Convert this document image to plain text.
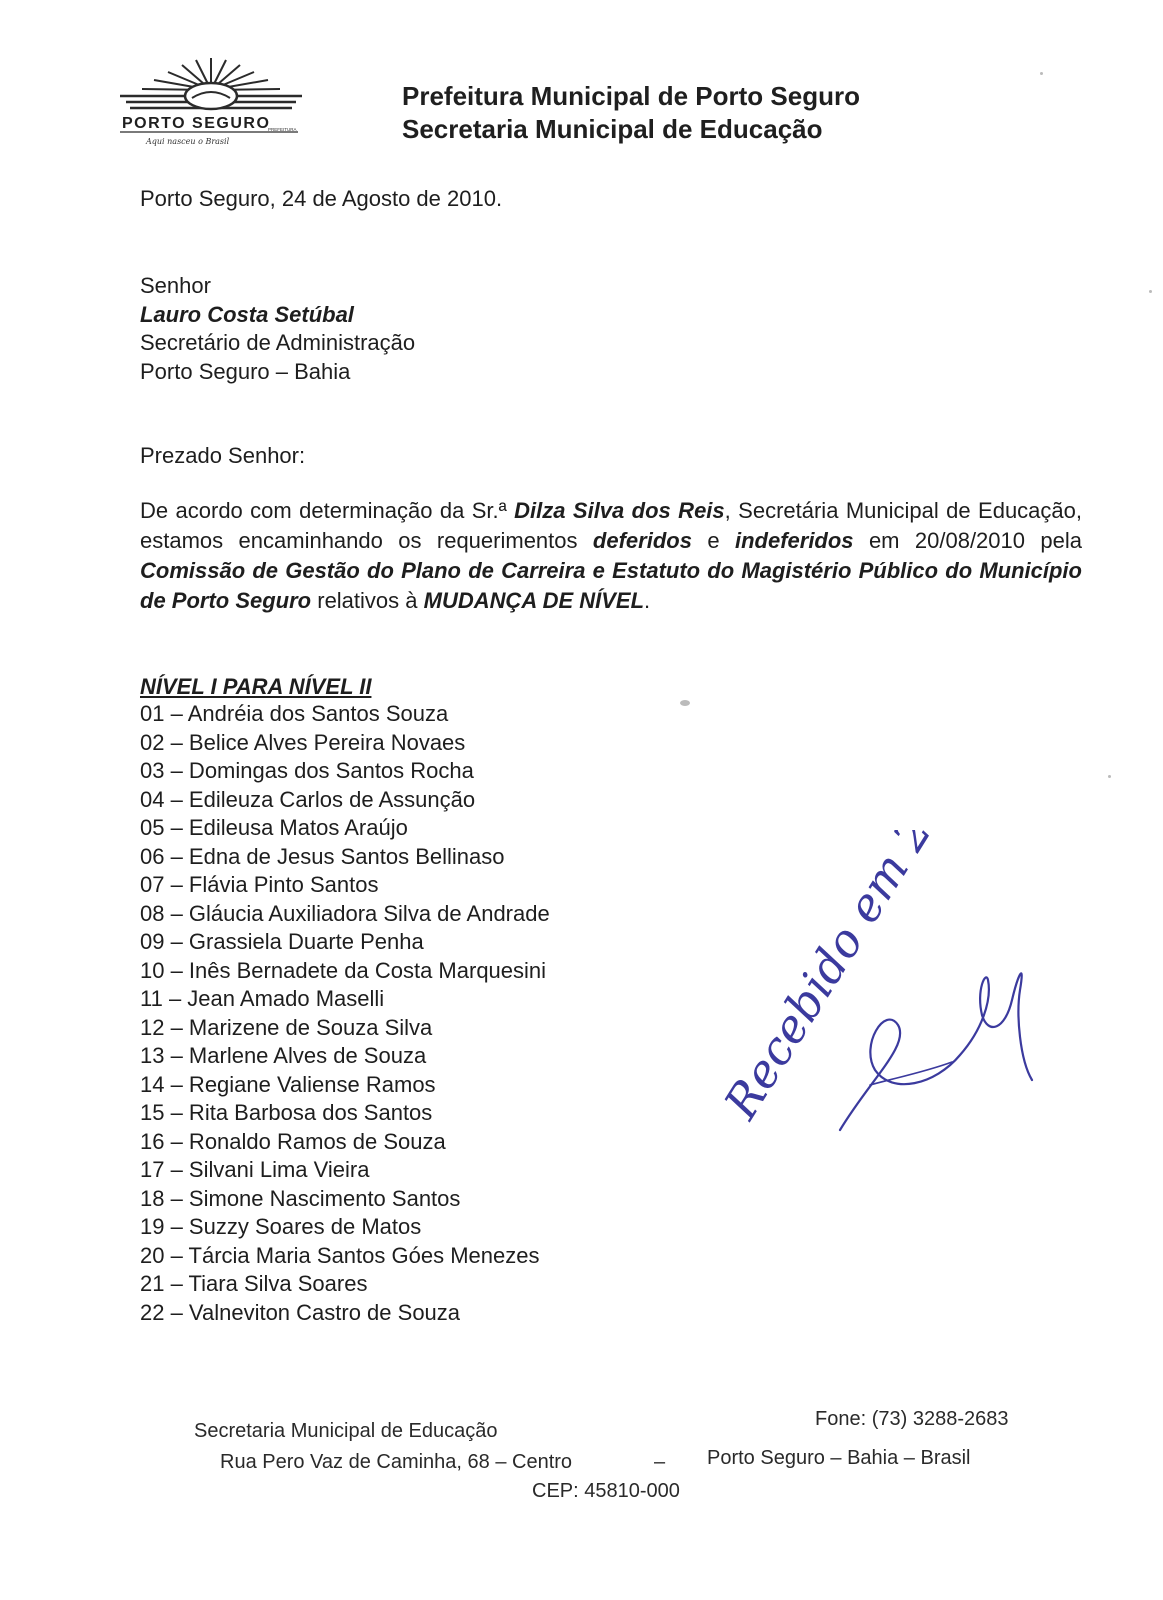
PORTO SEGURO
PREFEITURA
Aqui nasceu o Brasil
Prefeitura Municipal de Porto Seguro
Secretaria Municipal de Educação
Porto Seguro, 24 de Agosto de 2010.
Senhor
Lauro Costa Setúbal
Secretário de Administração
Porto Seguro – Bahia
Prezado Senhor:
De acordo com determinação da Sr.ª Dilza Silva dos Reis, Secretária Municipal de Educação, estamos encaminhando os requerimentos deferidos e indeferidos em 20/08/2010 pela Comissão de Gestão do Plano de Carreira e Estatuto do Magistério Público do Município de Porto Seguro relativos à MUDANÇA DE NÍVEL.
NÍVEL I PARA NÍVEL II
01 – Andréia dos Santos Souza
02 – Belice Alves Pereira Novaes
03 – Domingas dos Santos Rocha
04 – Edileuza Carlos de Assunção
05 – Edileusa Matos Araújo
06 – Edna de Jesus Santos Bellinaso
07 – Flávia Pinto Santos
08 – Gláucia Auxiliadora Silva de Andrade
09 – Grassiela Duarte Penha
10 – Inês Bernadete da Costa Marquesini
11 – Jean Amado Maselli
12 – Marizene de Souza Silva
13 – Marlene Alves de Souza
14 – Regiane Valiense Ramos
15 – Rita Barbosa dos Santos
16 – Ronaldo Ramos de Souza
17 – Silvani Lima Vieira
18 – Simone Nascimento Santos
19 – Suzzy Soares de Matos
20 – Tárcia Maria Santos Góes Menezes
21 – Tiara Silva Soares
22 – Valneviton Castro de Souza
Recebido em 20/08/10
Secretaria Municipal de Educação
Fone: (73) 3288-2683
Rua Pero Vaz de Caminha, 68 – Centro	– Porto Seguro – Bahia – Brasil
CEP: 45810-000
